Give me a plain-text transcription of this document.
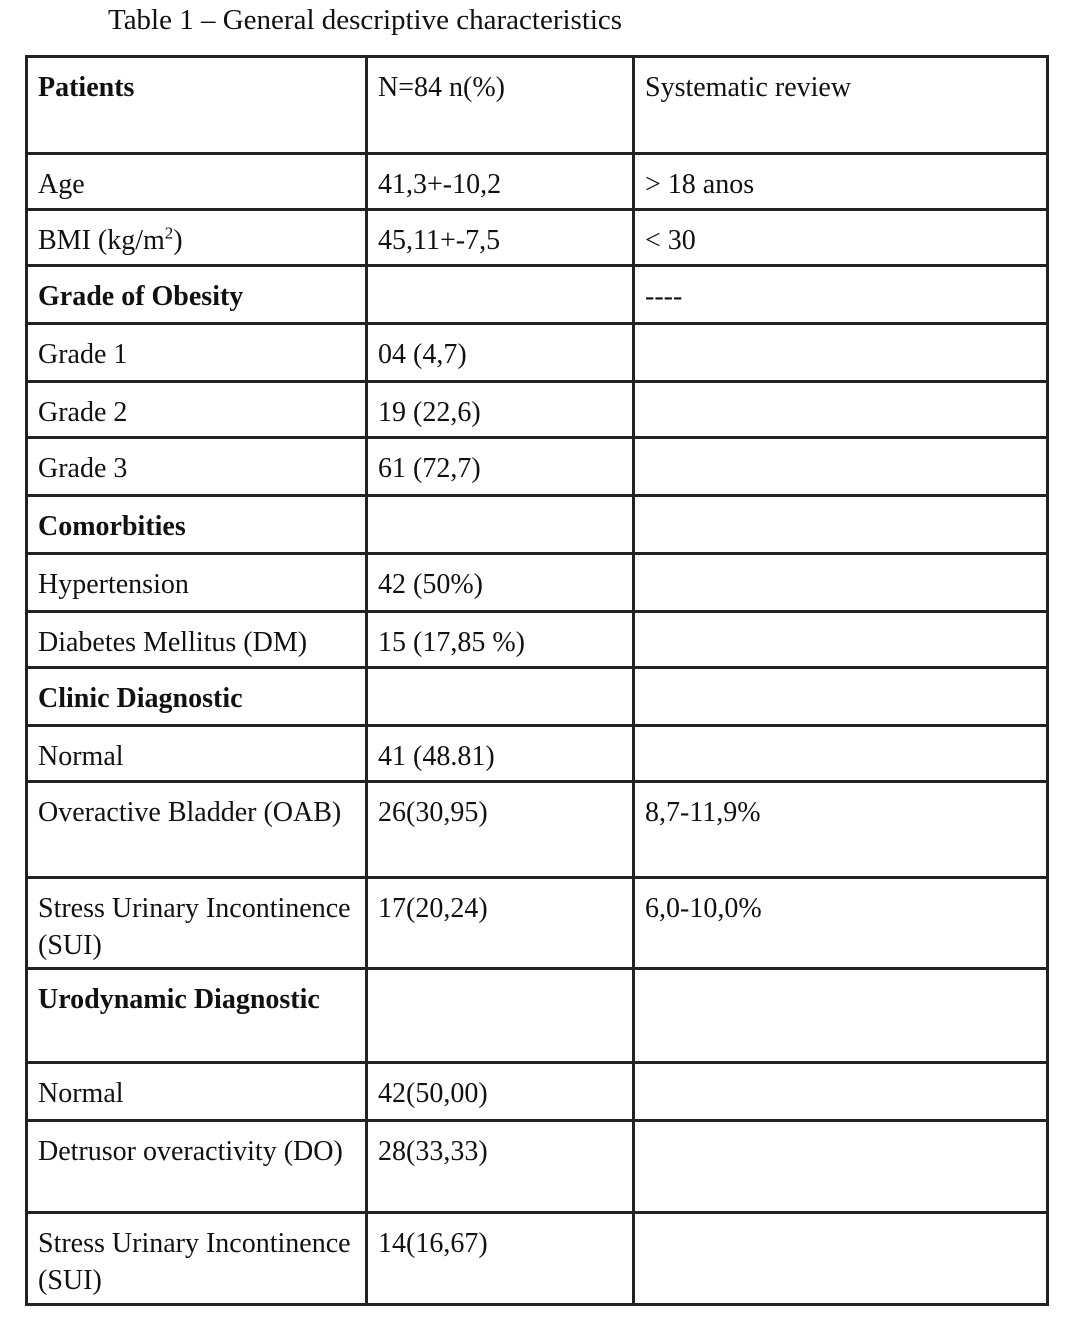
Table 1 – General descriptive characteristics
Patients	N=84 n(%)	Systematic review
Age	41,3+-10,2	> 18 anos
BMI $(kg/m^2)$	45,11+-7,5	< 30
Grade of Obesity		----
Grade 1	04 (4,7)	
Grade 2	19 (22,6)	
Grade 3	61 (72,7)	
Comorbities		
Hypertension	42 (50%)	
Diabetes Mellitus (DM)	15 (17,85 %)	
Clinic Diagnostic		
Normal	41 (48.81)	
Overactive Bladder (OAB)	26(30,95)	8,7-11,9%
Stress Urinary Incontinence (SUI)	17(20,24)	6,0-10,0%
Urodynamic Diagnostic		
Normal	42(50,00)	
Detrusor overactivity (DO)	28(33,33)	
Stress Urinary Incontinence (SUI)	14(16,67)	
